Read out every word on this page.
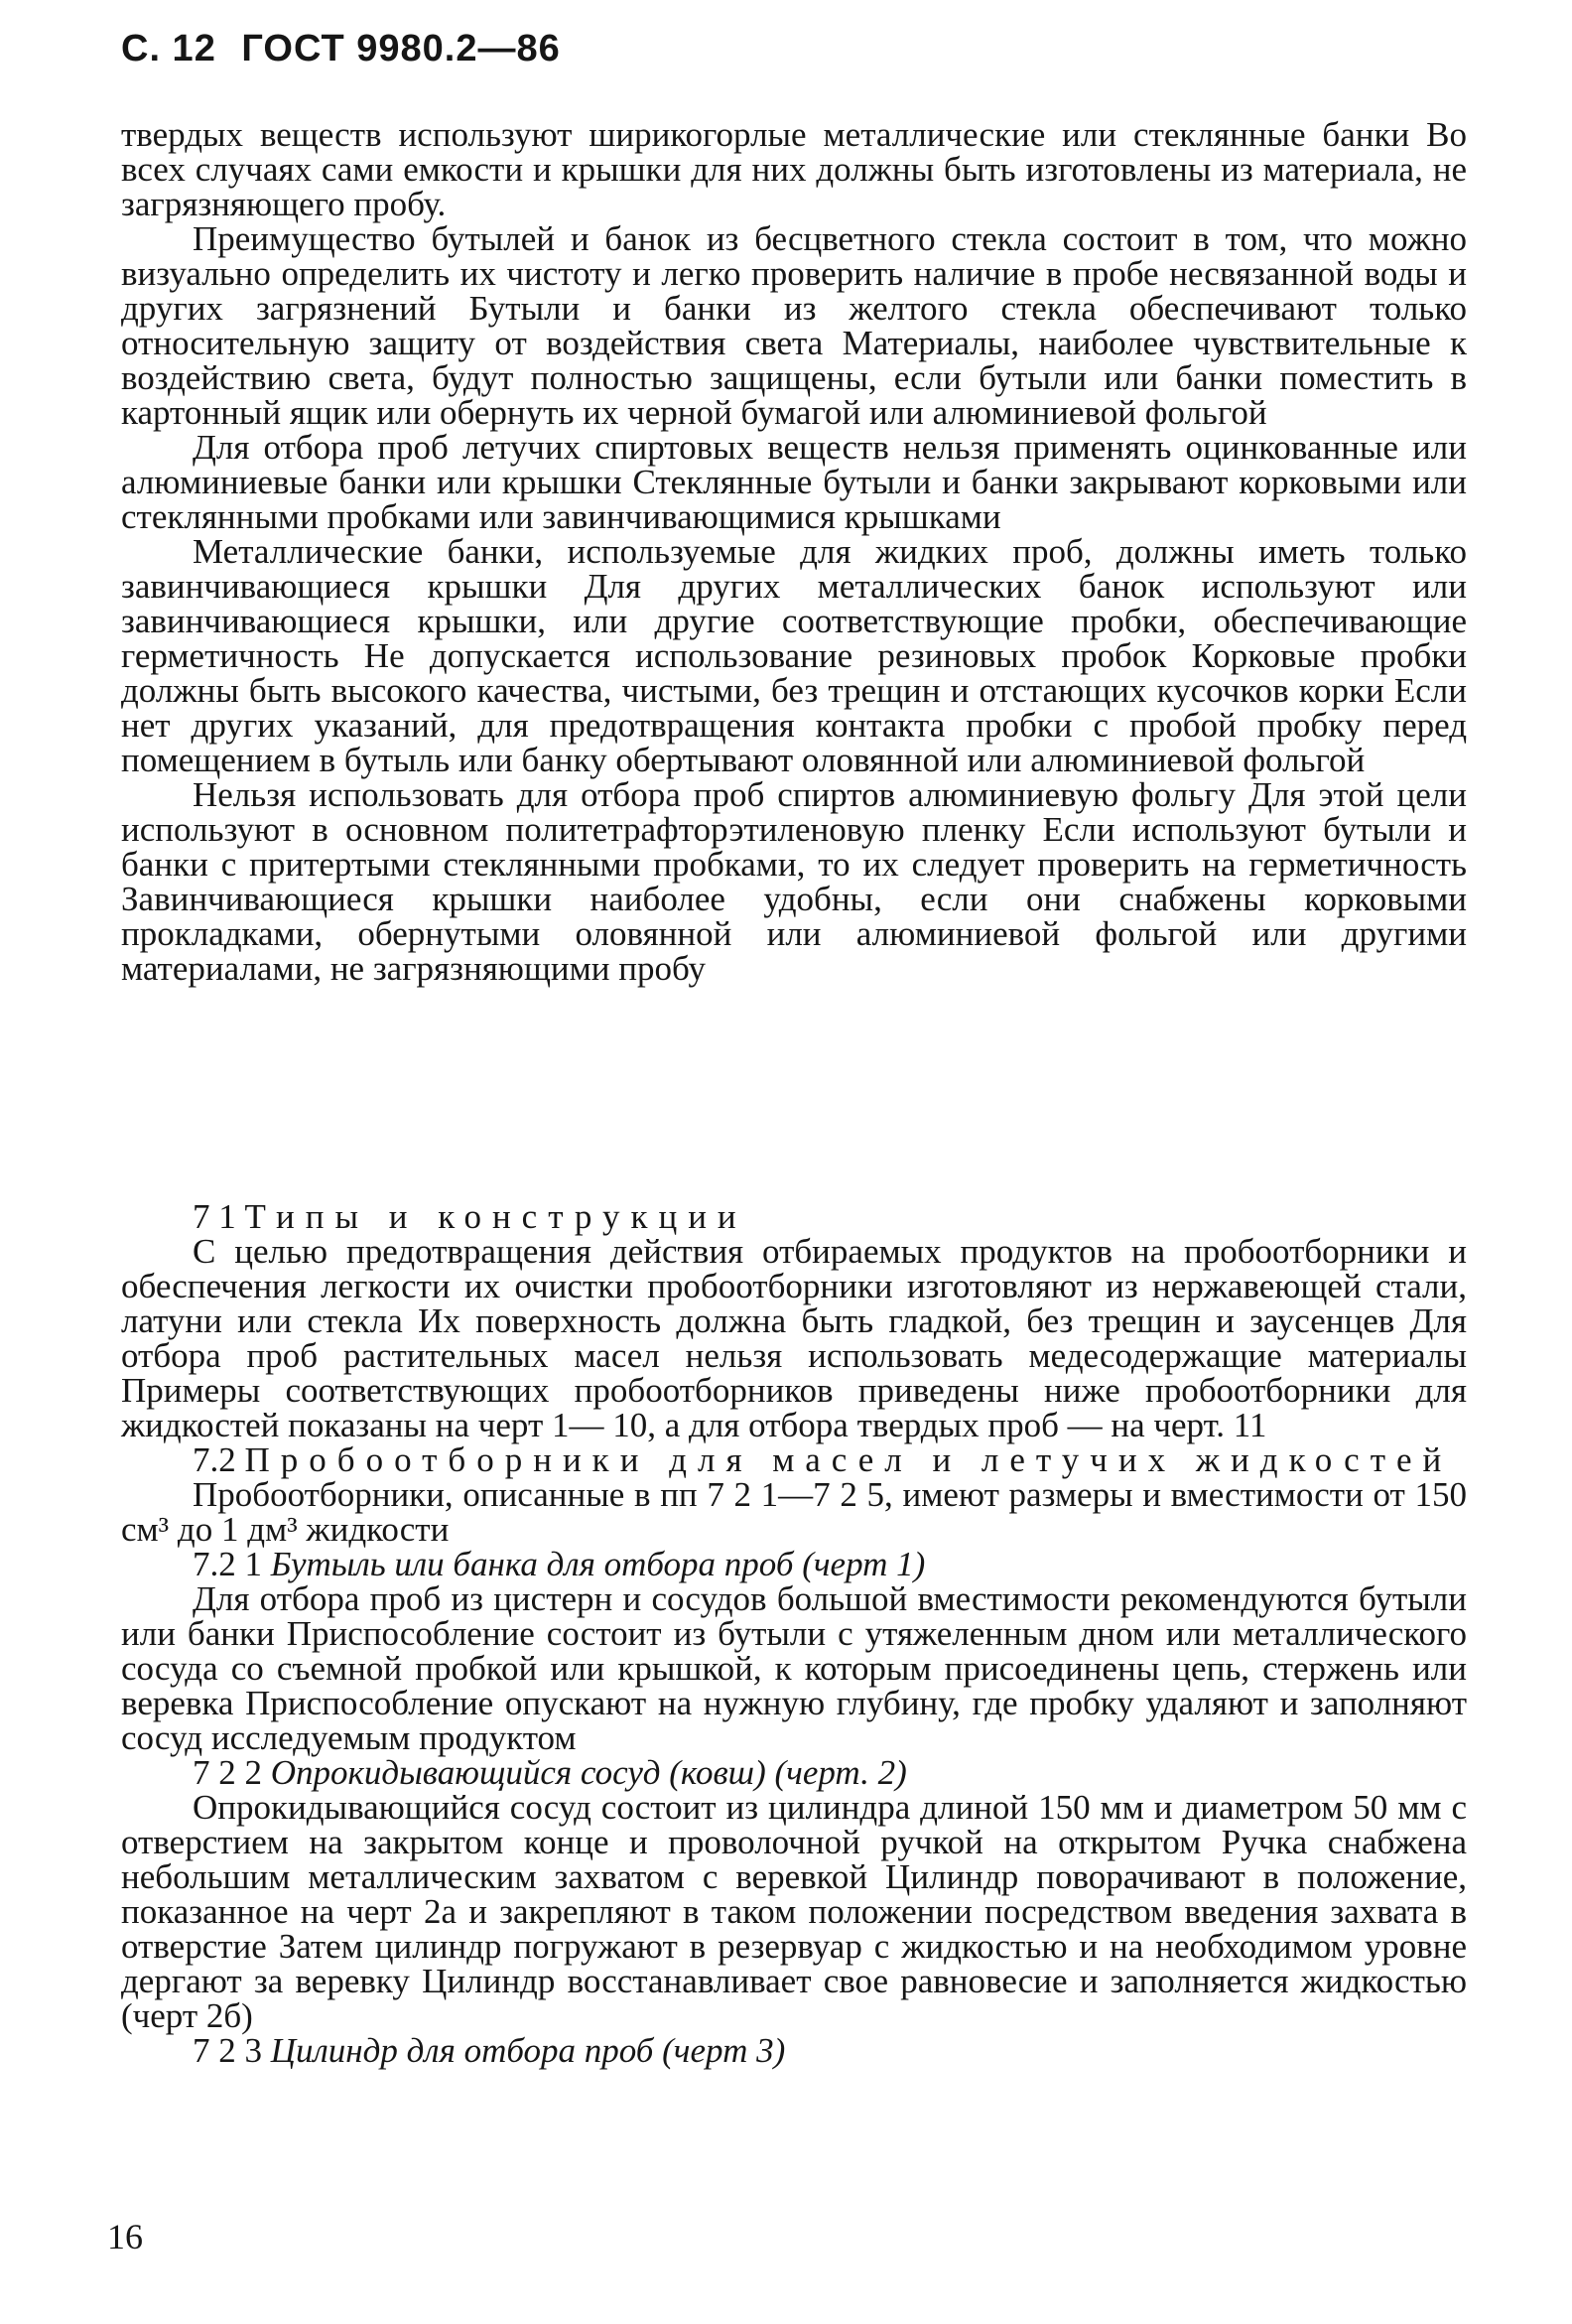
С. 12 ГОСТ 9980.2—86

твердых веществ используют ширикогорлые металлические или стеклянные банки Во всех случаях сами емкости и крышки для них должны быть изготовлены из материала, не загрязняющего пробу.

Преимущество бутылей и банок из бесцветного стекла состоит в том, что можно визуально определить их чистоту и легко проверить наличие в пробе несвязанной воды и других загрязнений Бутыли и банки из желтого стекла обеспечивают только относительную защиту от воздействия света Материалы, наиболее чувствительные к воздействию света, будут полностью защищены, если бутыли или банки поместить в картонный ящик или обернуть их черной бумагой или алюминиевой фольгой

Для отбора проб летучих спиртовых веществ нельзя применять оцинкованные или алюминиевые банки или крышки Стеклянные бутыли и банки закрывают корковыми или стеклянными пробками или завинчивающимися крышками

Металлические банки, используемые для жидких проб, должны иметь только завинчивающиеся крышки Для других металлических банок используют или завинчивающиеся крышки, или другие соответствующие пробки, обеспечивающие герметичность Не допускается использование резиновых пробок Корковые пробки должны быть высокого качества, чистыми, без трещин и отстающих кусочков корки Если нет других указаний, для предотвращения контакта пробки с пробой пробку перед помещением в бутыль или банку обертывают оловянной или алюминиевой фольгой

Нельзя использовать для отбора проб спиртов алюминиевую фольгу Для этой цели используют в основном политетрафторэтиленовую пленку Если используют бутыли и банки с притертыми стеклянными пробками, то их следует проверить на герметичность Завинчивающиеся крышки наиболее удобны, если они снабжены корковыми прокладками, обернутыми оловянной или алюминиевой фольгой или другими материалами, не загрязняющими пробу

7 1 Типы и конструкции

С целью предотвращения действия отбираемых продуктов на пробоотборники и обеспечения легкости их очистки пробоотборники изготовляют из нержавеющей стали, латуни или стекла Их поверхность должна быть гладкой, без трещин и заусенцев Для отбора проб растительных масел нельзя использовать медесодержащие материалы Примеры соответствующих пробоотборников приведены ниже пробоотборники для жидкостей показаны на черт 1— 10, а для отбора твердых проб — на черт. 11

7.2 Пробоотборники для масел и летучих жидкостей

Пробоотборники, описанные в пп 7 2 1—7 2 5, имеют размеры и вместимости от 150 см³ до 1 дм³ жидкости

7.2 1 Бутыль или банка для отбора проб (черт 1)

Для отбора проб из цистерн и сосудов большой вместимости рекомендуются бутыли или банки Приспособление состоит из бутыли с утяжеленным дном или металлического сосуда со съемной пробкой или крышкой, к которым присоединены цепь, стержень или веревка Приспособление опускают на нужную глубину, где пробку удаляют и заполняют сосуд исследуемым продуктом

7 2 2 Опрокидывающийся сосуд (ковш) (черт. 2)

Опрокидывающийся сосуд состоит из цилиндра длиной 150 мм и диаметром 50 мм с отверстием на закрытом конце и проволочной ручкой на открытом Ручка снабжена небольшим металлическим захватом с веревкой Цилиндр поворачивают в положение, показанное на черт 2а и закрепляют в таком положении посредством введения захвата в отверстие Затем цилиндр погружают в резервуар с жидкостью и на необходимом уровне дергают за веревку Цилиндр восстанавливает свое равновесие и заполняется жидкостью (черт 2б)

7 2 3 Цилиндр для отбора проб (черт 3)

16
